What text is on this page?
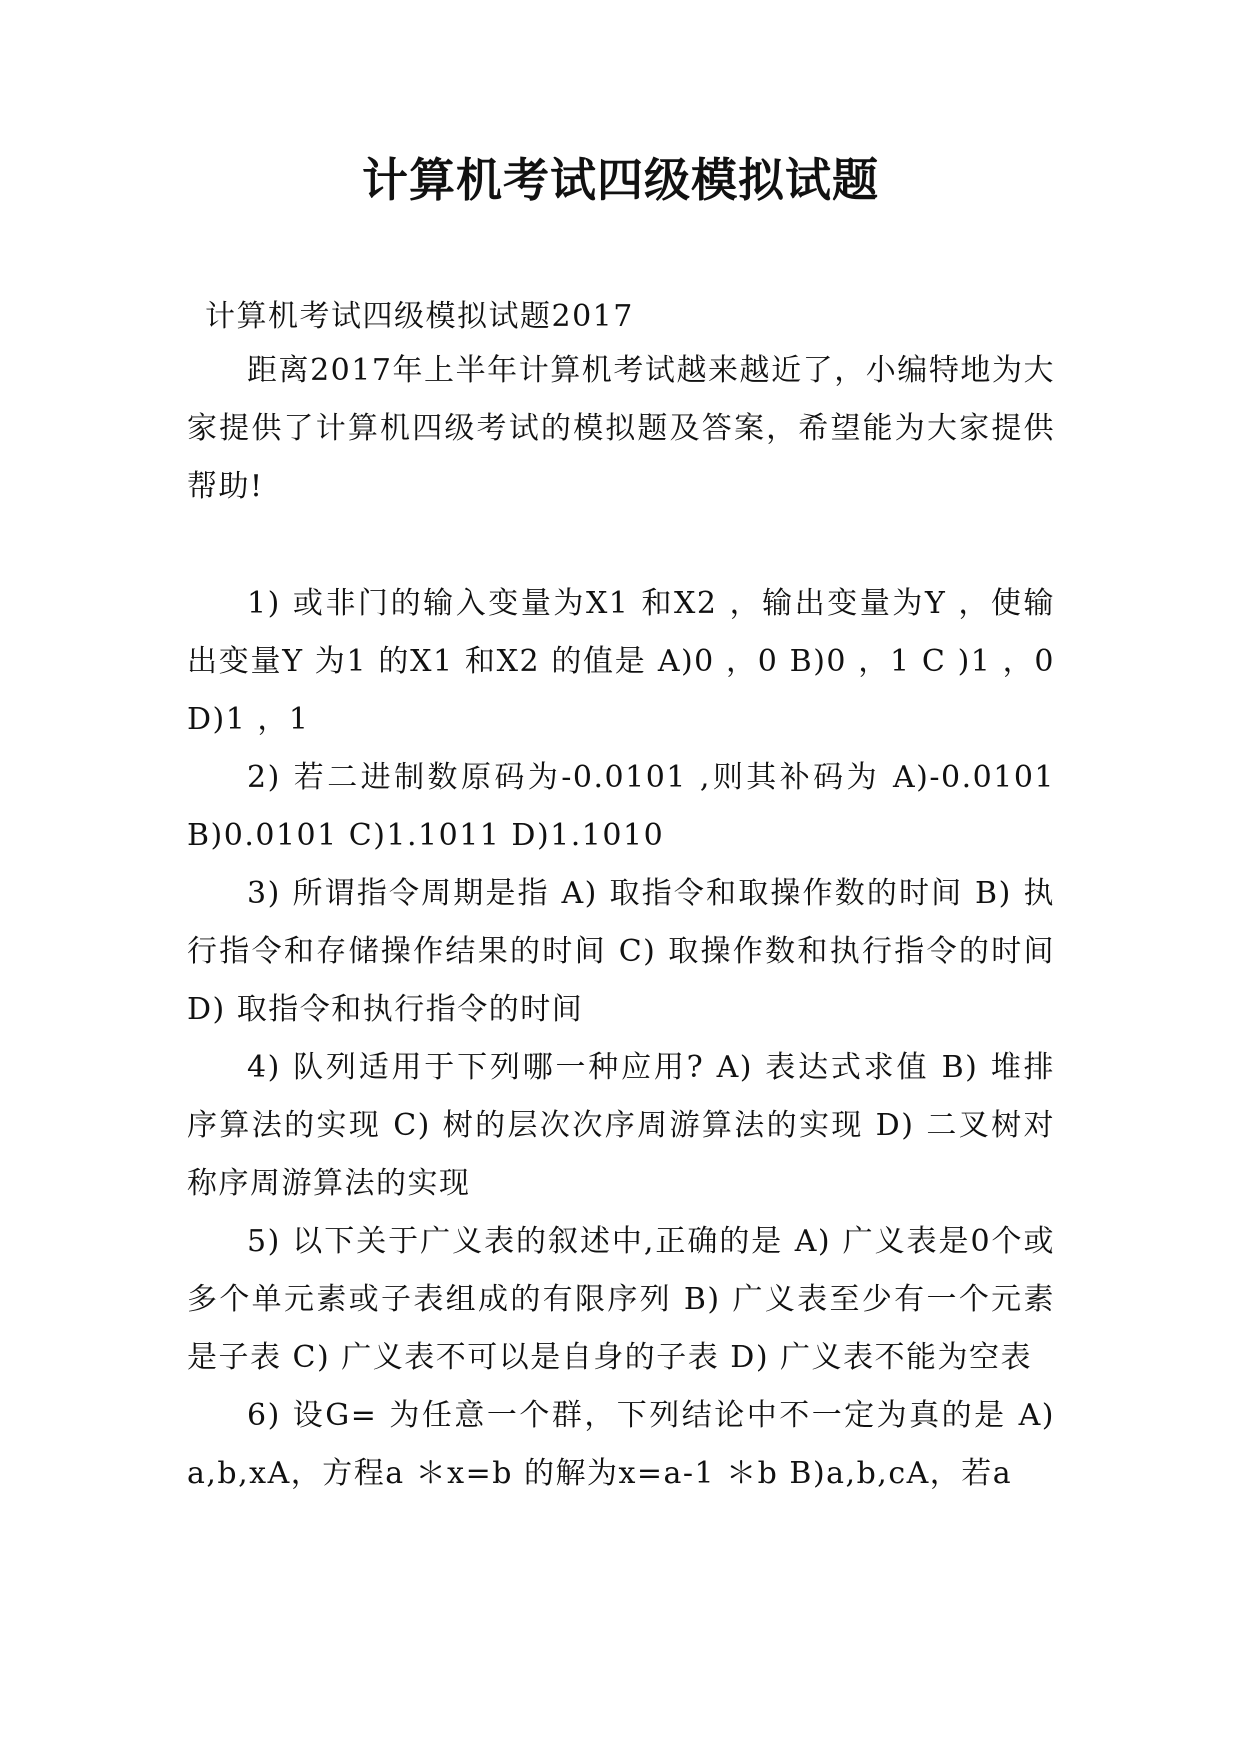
计算机考试四级模拟试题

计算机考试四级模拟试题2017

距离2017年上半年计算机考试越来越近了，小编特地为大家提供了计算机四级考试的模拟题及答案，希望能为大家提供帮助!

1) 或非门的输入变量为X1 和X2 ，输出变量为Y ，使输出变量Y 为1 的X1 和X2 的值是 A)0 ，0 B)0 ，1 C )1 ，0 D)1 ，1

2) 若二进制数原码为-0.0101 ,则其补码为 A)-0.0101 B)0.0101 C)1.1011 D)1.1010

3) 所谓指令周期是指 A) 取指令和取操作数的时间 B) 执行指令和存储操作结果的时间 C) 取操作数和执行指令的时间 D) 取指令和执行指令的时间

4) 队列适用于下列哪一种应用? A) 表达式求值 B) 堆排序算法的实现 C) 树的层次次序周游算法的实现 D) 二叉树对称序周游算法的实现

5) 以下关于广义表的叙述中,正确的是 A) 广义表是0个或多个单元素或子表组成的有限序列 B) 广义表至少有一个元素是子表 C) 广义表不可以是自身的子表 D) 广义表不能为空表

6) 设G= 为任意一个群，下列结论中不一定为真的是 A)a,b,xA，方程a ＊x=b 的解为x=a-1 ＊b B)a,b,cA，若a
